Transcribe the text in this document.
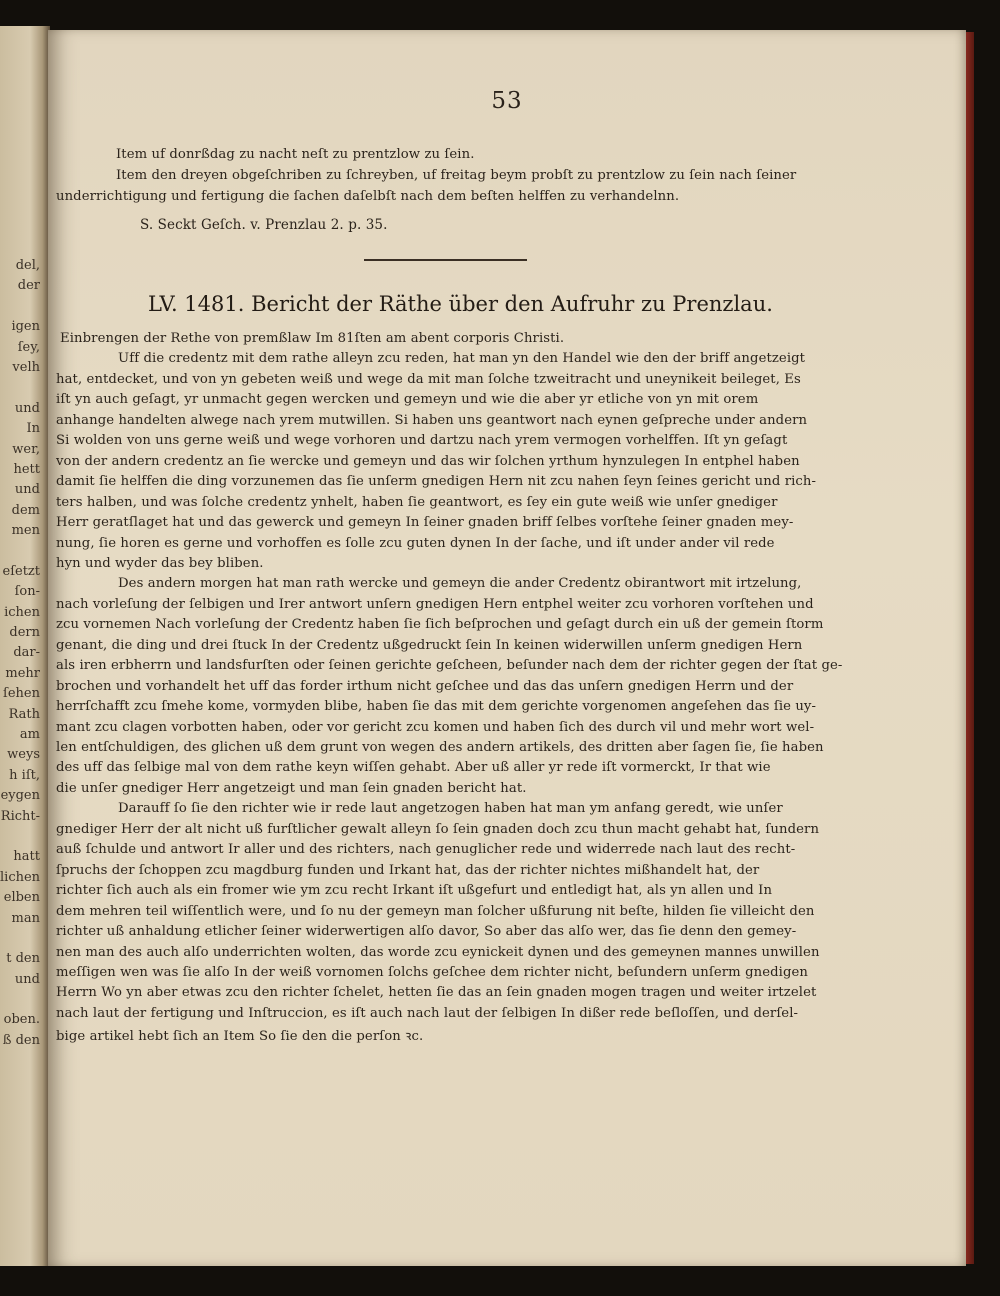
del,
der
igen
ſey,
velh
und
In
wer,
hett
und
dem
men
eſetzt
ſon-
ichen
dern
dar-
mehr
ſehen
Rath
am
weys
h iſt,
eygen
Richt-
hatt
lichen
elben
man
t den
und
oben.
ß den
53
Item uf donrßdag zu nacht neſt zu prentzlow zu ſein.
Item den dreyen obgeſchriben zu ſchreyben, uf freitag beym probſt zu prentzlow zu ſein nach ſeiner
underrichtigung und fertigung die ſachen daſelbſt nach dem beſten helffen zu verhandelnn.
S. Seckt Geſch. v. Prenzlau 2. p. 35.
LV. 1481. Bericht der Räthe über den Aufruhr zu Prenzlau.
Einbrengen der Rethe von premßlaw Im 81ſten am abent corporis Christi.
Uff die credentz mit dem rathe alleyn zcu reden, hat man yn den Handel wie den der briff angetzeigt
hat, entdecket, und von yn gebeten weiß und wege da mit man ſolche tzweitracht und uneynikeit beileget, Es
iſt yn auch geſagt, yr unmacht gegen wercken und gemeyn und wie die aber yr etliche von yn mit orem
anhange handelten alwege nach yrem mutwillen. Si haben uns geantwort nach eynen geſpreche under andern
Si wolden von uns gerne weiß und wege vorhoren und dartzu nach yrem vermogen vorhelffen. Iſt yn geſagt
von der andern credentz an ſie wercke und gemeyn und das wir ſolchen yrthum hynzulegen In entphel haben
damit ſie helffen die ding vorzunemen das ſie unſerm gnedigen Hern nit zcu nahen ſeyn ſeines gericht und rich-
ters halben, und was ſolche credentz ynhelt, haben ſie geantwort, es ſey ein gute weiß wie unſer gnediger
Herr geratſlaget hat und das gewerck und gemeyn In ſeiner gnaden briff ſelbes vorſtehe ſeiner gnaden mey-
nung, ſie horen es gerne und vorhoffen es ſolle zcu guten dynen In der ſache, und iſt under ander vil rede
hyn und wyder das bey bliben.
Des andern morgen hat man rath wercke und gemeyn die ander Credentz obirantwort mit irtzelung,
nach vorleſung der ſelbigen und Irer antwort unſern gnedigen Hern entphel weiter zcu vorhoren vorſtehen und
zcu vornemen Nach vorleſung der Credentz haben ſie ſich beſprochen und geſagt durch ein uß der gemein ſtorm
genant, die ding und drei ſtuck In der Credentz ußgedruckt ſein In keinen widerwillen unſerm gnedigen Hern
als iren erbherrn und landsfurſten oder ſeinen gerichte geſcheen, beſunder nach dem der richter gegen der ſtat ge-
brochen und vorhandelt het uff das forder irthum nicht geſchee und das das unſern gnedigen Herrn und der
herrſchafft zcu ſmehe kome, vormyden blibe, haben ſie das mit dem gerichte vorgenomen angeſehen das ſie uy-
mant zcu clagen vorbotten haben, oder vor gericht zcu komen und haben ſich des durch vil und mehr wort wel-
len entſchuldigen, des glichen uß dem grunt von wegen des andern artikels, des dritten aber ſagen ſie, ſie haben
des uff das ſelbige mal von dem rathe keyn wiſſen gehabt. Aber uß aller yr rede iſt vormerckt, Ir that wie
die unſer gnediger Herr angetzeigt und man ſein gnaden bericht hat.
Darauff ſo ſie den richter wie ir rede laut angetzogen haben hat man ym anfang geredt, wie unſer
gnediger Herr der alt nicht uß furſtlicher gewalt alleyn ſo ſein gnaden doch zcu thun macht gehabt hat, ſundern
auß ſchulde und antwort Ir aller und des richters, nach genuglicher rede und widerrede nach laut des recht-
ſpruchs der ſchoppen zcu magdburg funden und Irkant hat, das der richter nichtes mißhandelt hat, der
richter ſich auch als ein fromer wie ym zcu recht Irkant iſt ußgefurt und entledigt hat, als yn allen und In
dem mehren teil wiſſentlich were, und ſo nu der gemeyn man ſolcher ußfurung nit beſte, hilden ſie villeicht den
richter uß anhaldung etlicher ſeiner widerwertigen alſo davor, So aber das alſo wer, das ſie denn den gemey-
nen man des auch alſo underrichten wolten, das worde zcu eynickeit dynen und des gemeynen mannes unwillen
meſſigen wen was ſie alſo In der weiß vornomen ſolchs geſchee dem richter nicht, beſundern unſerm gnedigen
Herrn Wo yn aber etwas zcu den richter ſchelet, hetten ſie das an ſein gnaden mogen tragen und weiter irtzelet
nach laut der fertigung und Inſtruccion, es iſt auch nach laut der ſelbigen In dißer rede beſloſſen, und derſel-
bige artikel hebt ſich an Item So ſie den die perſon ꝛc.
